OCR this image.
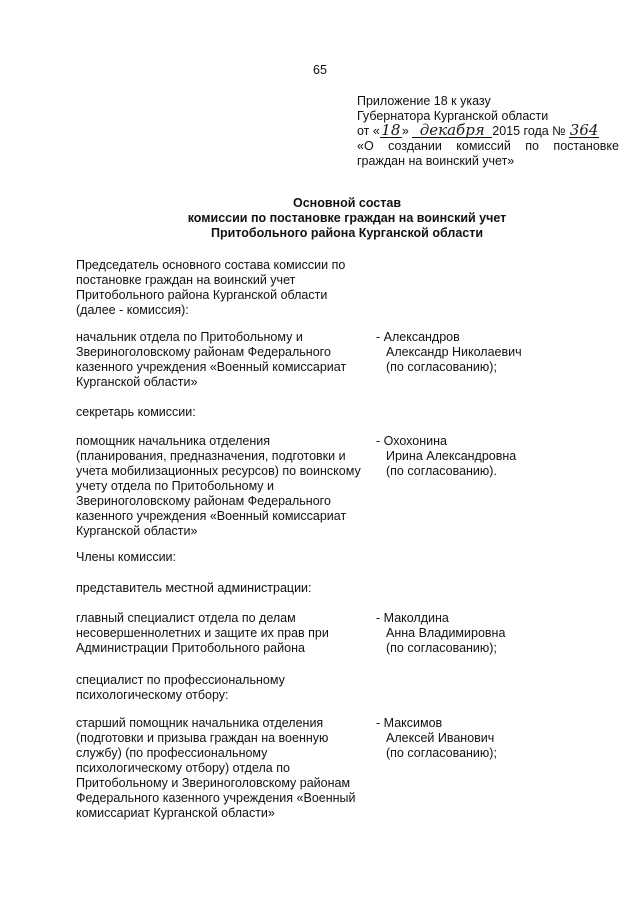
65
Приложение 18 к указу
Губернатора Курганской области
от «18» декабря 2015 года № 364
«О создании комиссий по постановке
граждан на воинский учет»
Основной состав
комиссии по постановке граждан на воинский учет
Притобольного района Курганской области
Председатель основного состава комиссии по
постановке граждан на воинский учет
Притобольного района Курганской области
(далее - комиссия):
начальник отдела по Притобольному и
Звериноголовскому районам Федерального
казенного учреждения «Военный комиссариат
Курганской области»
- Александров
Александр Николаевич
(по согласованию);
секретарь комиссии:
помощник начальника отделения
(планирования, предназначения, подготовки и
учета мобилизационных ресурсов) по воинскому
учету отдела по Притобольному и
Звериноголовскому районам Федерального
казенного учреждения «Военный комиссариат
Курганской области»
- Охохонина
Ирина Александровна
(по согласованию).
Члены комиссии:
представитель местной администрации:
главный специалист отдела по делам
несовершеннолетних и защите их прав при
Администрации Притобольного района
- Маколдина
Анна Владимировна
(по согласованию);
специалист по профессиональному
психологическому отбору:
старший помощник начальника отделения
(подготовки и призыва граждан на военную
службу) (по профессиональному
психологическому отбору) отдела по
Притобольному и Звериноголовскому районам
Федерального казенного учреждения «Военный
комиссариат Курганской области»
- Максимов
Алексей Иванович
(по согласованию);
